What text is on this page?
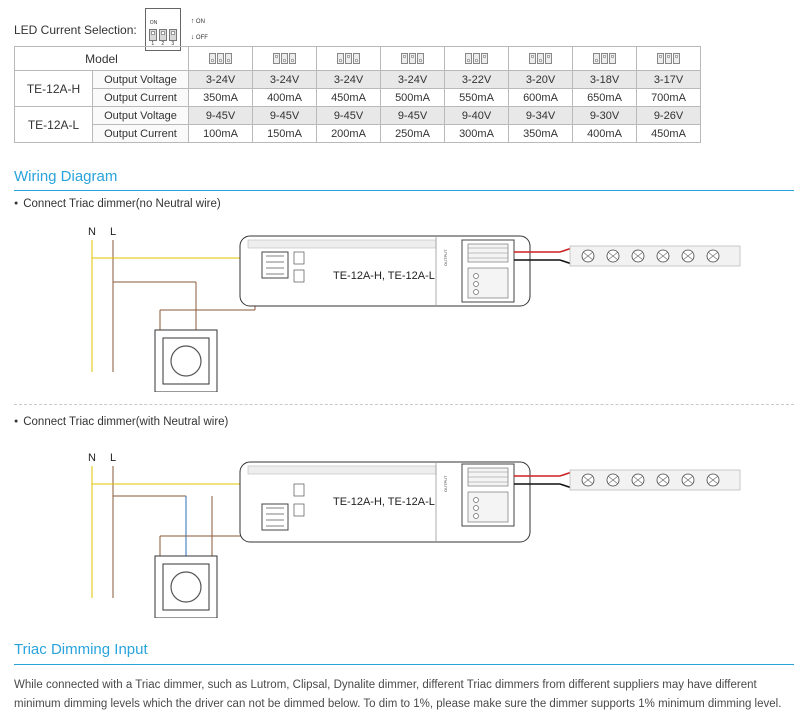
LED Current Selection:	ON
1	2	3
↑ ON
↓ OFF
Model		

TE-12A-H	Output Voltage	3-24V	3-24V	3-24V	3-24V	3-22V	3-20V	3-18V	3-17V
	Output Current	350mA	400mA	450mA	500mA	550mA	600mA	650mA	700mA
TE-12A-L	Output Voltage	9-45V	9-45V	9-45V	9-45V	9-40V	9-34V	9-30V	9-26V
	Output Current	100mA	150mA	200mA	250mA	300mA	350mA	400mA	450mA
Wiring Diagram
● Connect Triac dimmer(no Neutral wire)
N L
TE-12A-H, TE-12A-L
OUTPUT
● Connect Triac dimmer(with Neutral wire)
N L
TE-12A-H, TE-12A-L
OUTPUT
Triac Dimming Input
While connected with a Triac dimmer, such as Lutrom, Clipsal, Dynalite dimmer, different Triac dimmers from different suppliers may have different minimum dimming levels which the driver can not be dimmed below. To dim to 1%, please make sure the dimmer supports 1% minimum dimming level.
